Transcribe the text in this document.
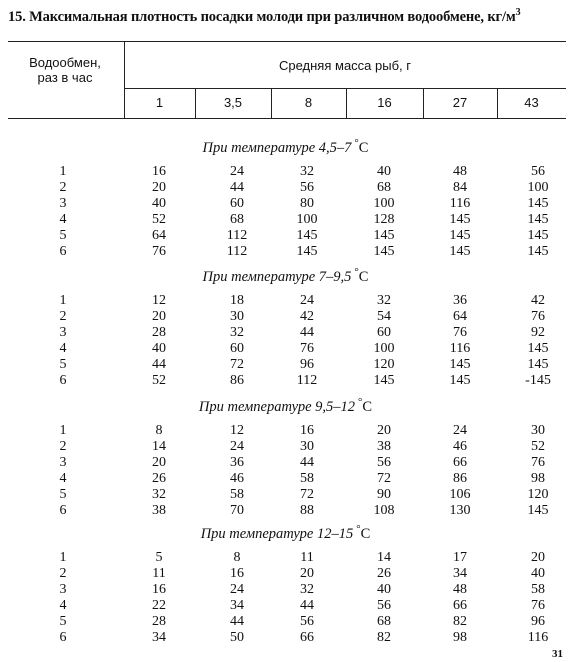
15. Максимальная плотность посадки молоди при различном водообмене, $кг/м^3$
Водообмен,
раз в час
Средняя масса рыб, г
1	3,5	8	16	27	43
При температуре 4,5–7 °С
При температуре 7–9,5 °С
При температуре 9,5–12 °С
При температуре 12–15 °С
1	16	24	32	40	48	56
2	20	44	56	68	84	100
3	40	60	80	100	116	145
4	52	68	100	128	145	145
5	64	112	145	145	145	145
6	76	112	145	145	145	145
1	12	18	24	32	36	42
2	20	30	42	54	64	76
3	28	32	44	60	76	92
4	40	60	76	100	116	145
5	44	72	96	120	145	145
6	52	86	112	145	145	-145
1	8	12	16	20	24	30
2	14	24	30	38	46	52
3	20	36	44	56	66	76
4	26	46	58	72	86	98
5	32	58	72	90	106	120
6	38	70	88	108	130	145
1	5	8	11	14	17	20
2	11	16	20	26	34	40
3	16	24	32	40	48	58
4	22	34	44	56	66	76
5	28	44	56	68	82	96
6	34	50	66	82	98	116
31
